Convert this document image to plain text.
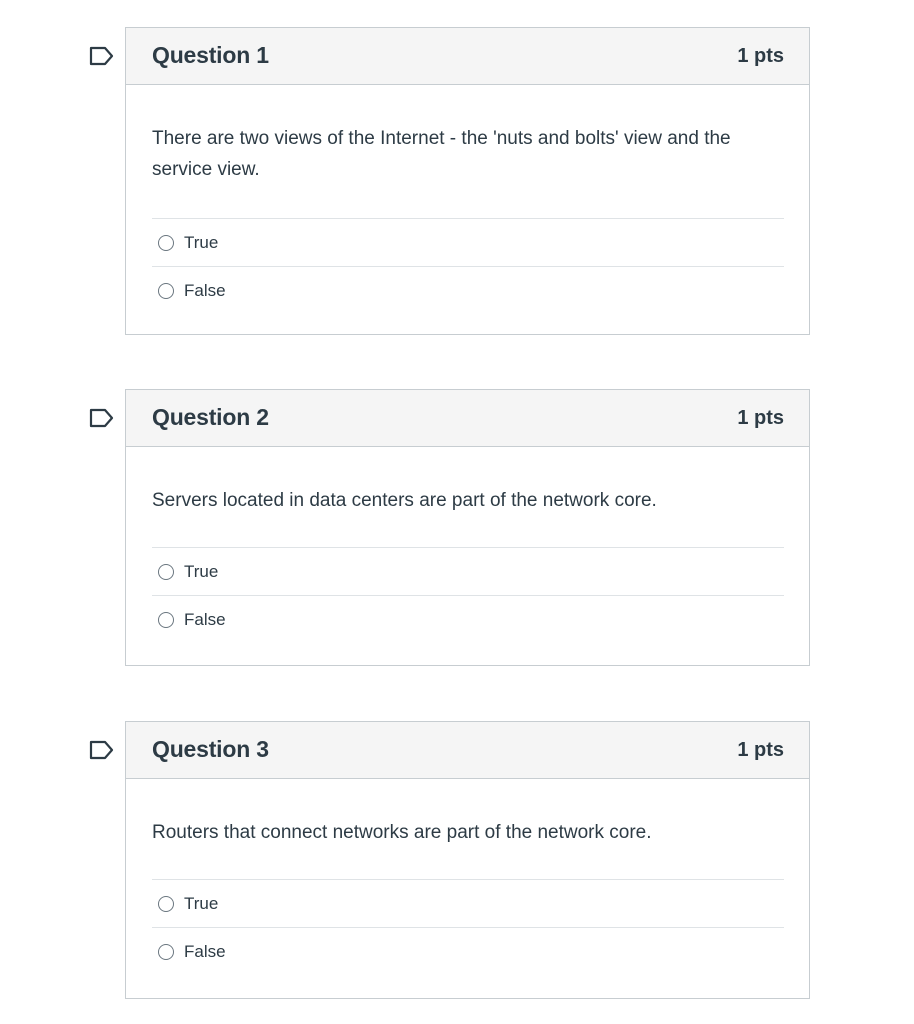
Question 1	1 pts

There are two views of the Internet - the 'nuts and bolts' view and the service view.

True
False
Question 2	1 pts

Servers located in data centers are part of the network core.

True
False
Question 3	1 pts

Routers that connect networks are part of the network core.

True
False
